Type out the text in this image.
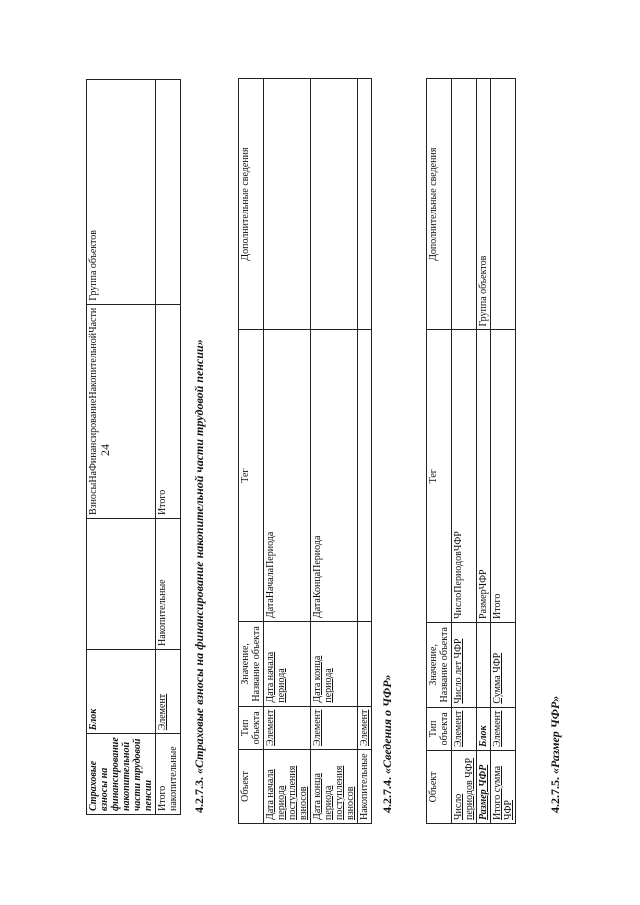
24
Страховые взносы на финансирование накопительной части трудовой пенсии	Блок		ВзносыНаФинансированиеНакопительнойЧасти	Группа объектов
Итого накопительные	Элемент	Накопительные	Итого	
4.2.7.3. «Страховые взносы на финансирование накопительной части трудовой пенсии»
Объект	Тип объекта	Значение, Название объекта	Тег	Дополнительные сведения
Дата начала периода поступления взносов	Элемент	Дата начала периода	ДатаНачалаПериода	
Дата конца периода поступления взносов	Элемент	Дата конца периода	ДатаКонцаПериода	
Накопительные	Элемент			
4.2.7.4. «Сведения о ЧФР»
Объект	Тип объекта	Значение, Название объекта	Тег	Дополнительные сведения
Число периодов ЧФР	Элемент	Число лет ЧФР	ЧислоПериодовЧФР	
Размер ЧФР	Блок		РазмерЧФР	Группа объектов
Итого сумма ЧФР	Элемент	Сумма ЧФР	Итого	
4.2.7.5. «Размер ЧФР»
